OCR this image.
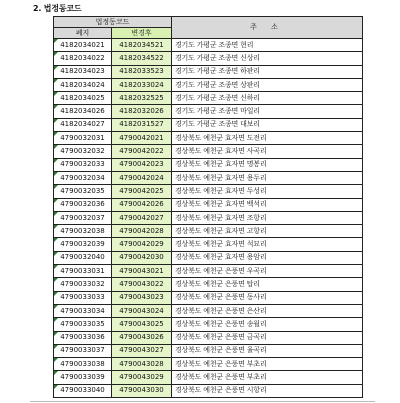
2. 법정동코드
법정동코드		주 소
폐지	변경후	
4182034021	4182034521	경기도 가평군 조종면 현리
4182034022	4182034522	경기도 가평군 조종면 신상리
4182034023	4182033523	경기도 가평군 조종면 하판리
4182034024	4182033024	경기도 가평군 조종면 상판리
4182034025	4182032525	경기도 가평군 조종면 신하리
4182034026	4182032026	경기도 가평군 조종면 마일리
4182034027	4182031527	경기도 가평군 조종면 대보리
4790032031	4790042021	경상북도 예천군 효자면 도전리
4790032032	4790042022	경상북도 예천군 효자면 사곡리
4790032033	4790042023	경상북도 예천군 효자면 명봉리
4790032034	4790042024	경상북도 예천군 효자면 용두리
4790032035	4790042025	경상북도 예천군 효자면 두성리
4790032036	4790042026	경상북도 예천군 효자면 백석리
4790032037	4790042027	경상북도 예천군 효자면 조항리
4790032038	4790042028	경상북도 예천군 효자면 고항리
4790032039	4790042029	경상북도 예천군 효자면 석묘리
4790032040	4790042030	경상북도 예천군 효자면 용암리
4790033031	4790043021	경상북도 예천군 은풍면 우곡리
4790033032	4790043022	경상북도 예천군 은풍면 탑리
4790033033	4790043023	경상북도 예천군 은풍면 동사리
4790033034	4790043024	경상북도 예천군 은풍면 은산리
4790033035	4790043025	경상북도 예천군 은풍면 송월리
4790033036	4790043026	경상북도 예천군 은풍면 금곡리
4790033037	4790043027	경상북도 예천군 은풍면 율곡리
4790033038	4790043028	경상북도 예천군 은풍면 부초리
4790033039	4790043029	경상북도 예천군 은풍면 부초리
4790033040	4790043030	경상북도 예천군 은풍면 시항리
